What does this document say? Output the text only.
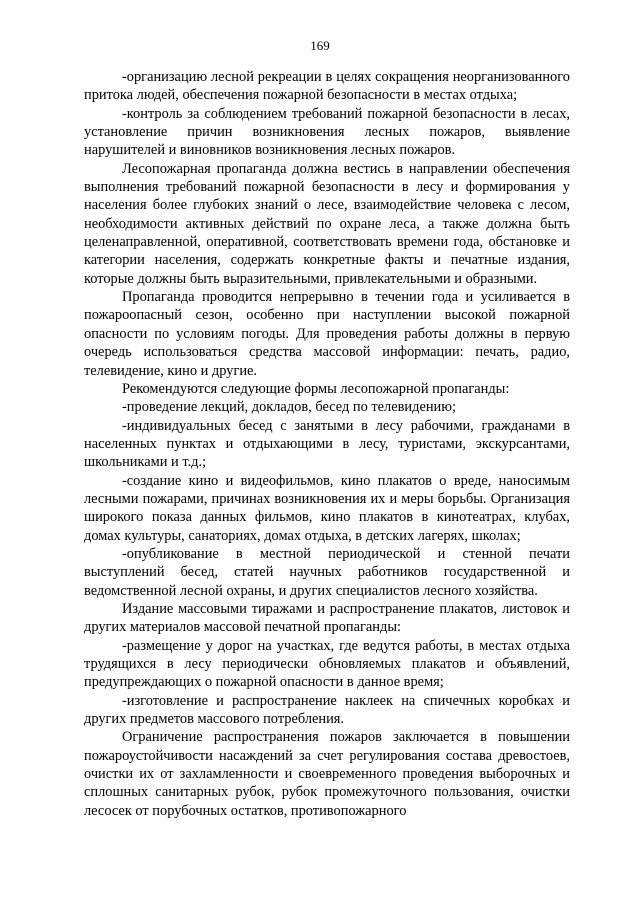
169

-организацию лесной рекреации в целях сокращения неорганизованного притока людей, обеспечения пожарной безопасности в местах отдыха;

-контроль за соблюдением требований пожарной безопасности в лесах, установление причин возникновения лесных пожаров, выявление нарушителей и виновников возникновения лесных пожаров.

Лесопожарная пропаганда должна вестись в направлении обеспечения выполнения требований пожарной безопасности в лесу и формирования у населения более глубоких знаний о лесе, взаимодействие человека с лесом, необходимости активных действий по охране леса, а также должна быть целенаправленной, оперативной, соответствовать времени года, обстановке и категории населения, содержать конкретные факты и печатные издания, которые должны быть выразительными, привлекательными и образными.

Пропаганда проводится непрерывно в течении года и усиливается в пожароопасный сезон, особенно при наступлении высокой пожарной опасности по условиям погоды. Для проведения работы должны в первую очередь использоваться средства массовой информации: печать, радио, телевидение, кино и другие.

Рекомендуются следующие формы лесопожарной пропаганды:

-проведение лекций, докладов, бесед по телевидению;

-индивидуальных бесед с занятыми в лесу рабочими, гражданами в населенных пунктах и отдыхающими в лесу, туристами, экскурсантами, школьниками и т.д.;

-создание кино и видеофильмов, кино плакатов о вреде, наносимым лесными пожарами, причинах возникновения их и меры борьбы. Организация широкого показа данных фильмов, кино плакатов в кинотеатрах, клубах, домах культуры, санаториях, домах отдыха, в детских лагерях, школах;

-опубликование в местной периодической и стенной печати выступлений бесед, статей научных работников государственной и ведомственной лесной охраны, и других специалистов лесного хозяйства.

Издание массовыми тиражами и распространение плакатов, листовок и других материалов массовой печатной пропаганды:

-размещение у дорог на участках, где ведутся работы, в местах отдыха трудящихся в лесу периодически обновляемых плакатов и объявлений, предупреждающих о пожарной опасности в данное время;

-изготовление и распространение наклеек на спичечных коробках и других предметов массового потребления.

Ограничение распространения пожаров заключается в повышении пожароустойчивости насаждений за счет регулирования состава древостоев, очистки их от захламленности и своевременного проведения выборочных и сплошных санитарных рубок, рубок промежуточного пользования, очистки лесосек от порубочных остатков, противопожарного
